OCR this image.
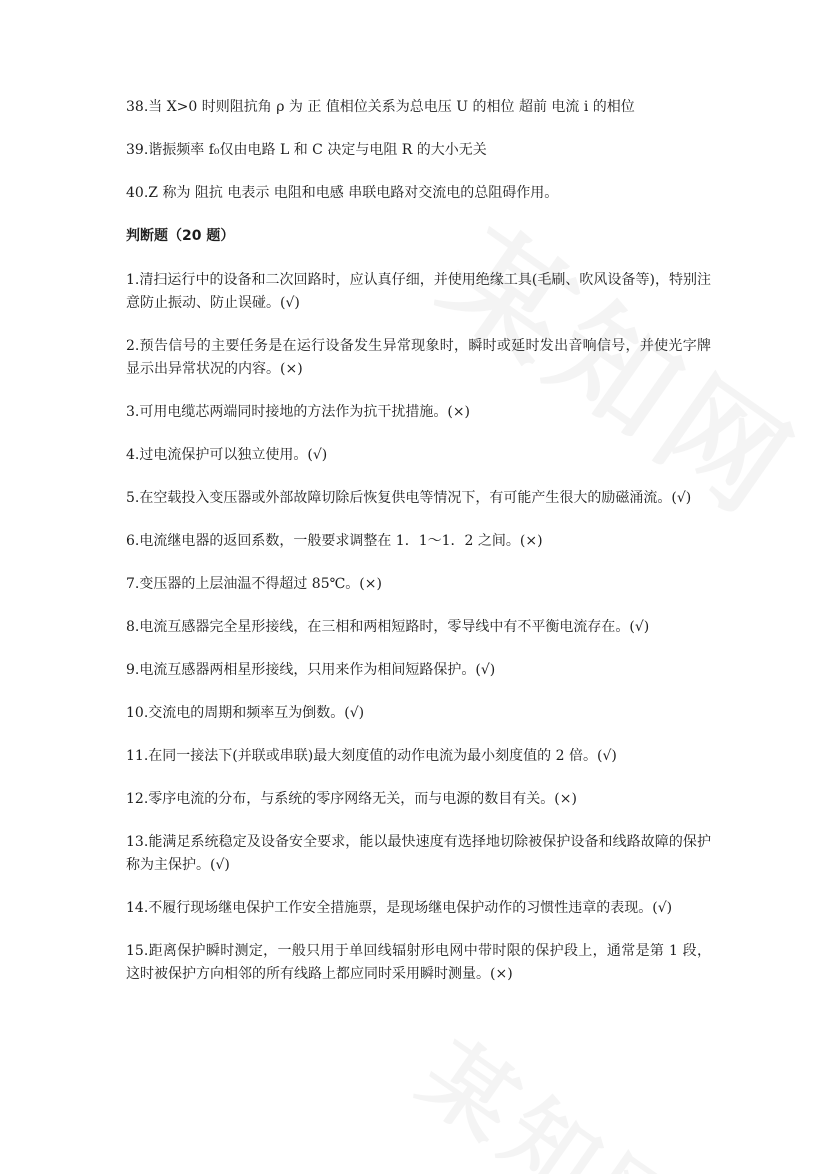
38.当 X>0 时则阻抗角 ρ 为 正 值相位关系为总电压 U 的相位 超前 电流 i 的相位

39.谐振频率 f₀仅由电路 L 和 C 决定与电阻 R 的大小无关

40.Z 称为 阻抗 电表示 电阻和电感 串联电路对交流电的总阻碍作用。

判断题（20 题）

1.清扫运行中的设备和二次回路时，应认真仔细，并使用绝缘工具(毛刷、吹风设备等)，特别注意防止振动、防止误碰。(√)

2.预告信号的主要任务是在运行设备发生异常现象时，瞬时或延时发出音响信号，并使光字牌显示出异常状况的内容。(×)

3.可用电缆芯两端同时接地的方法作为抗干扰措施。(×)

4.过电流保护可以独立使用。(√)

5.在空载投入变压器或外部故障切除后恢复供电等情况下，有可能产生很大的励磁涌流。(√)

6.电流继电器的返回系数，一般要求调整在 1．1～1．2 之间。(×)

7.变压器的上层油温不得超过 85℃。(×)

8.电流互感器完全星形接线，在三相和两相短路时，零导线中有不平衡电流存在。(√)

9.电流互感器两相星形接线，只用来作为相间短路保护。(√)

10.交流电的周期和频率互为倒数。(√)

11.在同一接法下(并联或串联)最大刻度值的动作电流为最小刻度值的 2 倍。(√)

12.零序电流的分布，与系统的零序网络无关，而与电源的数目有关。(×)

13.能满足系统稳定及设备安全要求，能以最快速度有选择地切除被保护设备和线路故障的保护称为主保护。(√)

14.不履行现场继电保护工作安全措施票，是现场继电保护动作的习惯性违章的表现。(√)

15.距离保护瞬时测定，一般只用于单回线辐射形电网中带时限的保护段上，通常是第 1 段，这时被保护方向相邻的所有线路上都应同时采用瞬时测量。(×)
